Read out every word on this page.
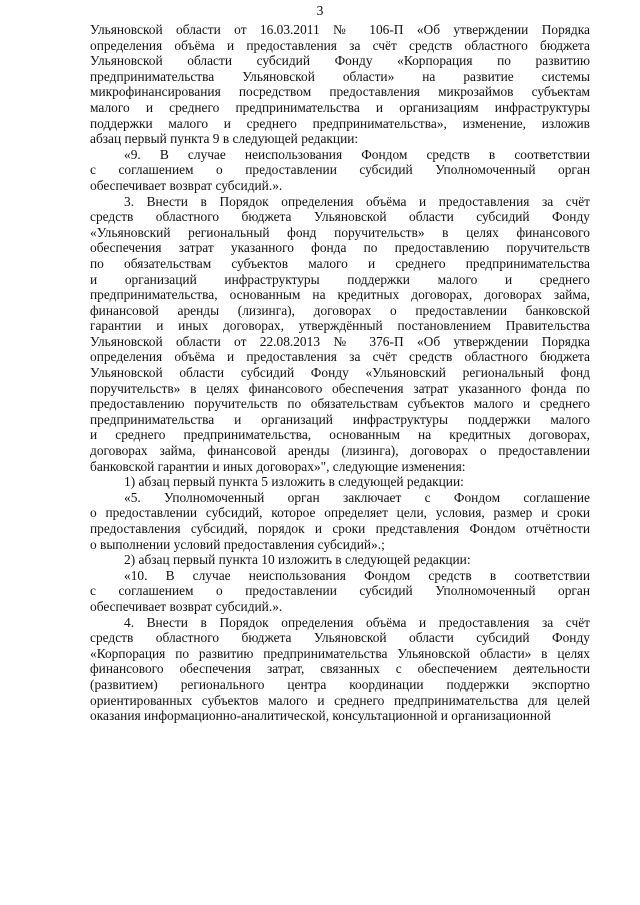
3
Ульяновской области от 16.03.2011 № 106-П «Об утверждении Порядка
определения объёма и предоставления за счёт средств областного бюджета
Ульяновской области субсидий Фонду «Корпорация по развитию
предпринимательства Ульяновской области» на развитие системы
микрофинансирования посредством предоставления микрозаймов субъектам
малого и среднего предпринимательства и организациям инфраструктуры
поддержки малого и среднего предпринимательства», изменение, изложив
абзац первый пункта 9 в следующей редакции:
«9. В случае неиспользования Фондом средств в соответствии
с соглашением о предоставлении субсидий Уполномоченный орган
обеспечивает возврат субсидий.».
3. Внести в Порядок определения объёма и предоставления за счёт
средств областного бюджета Ульяновской области субсидий Фонду
«Ульяновский региональный фонд поручительств» в целях финансового
обеспечения затрат указанного фонда по предоставлению поручительств
по обязательствам субъектов малого и среднего предпринимательства
и организаций инфраструктуры поддержки малого и среднего
предпринимательства, основанным на кредитных договорах, договорах займа,
финансовой аренды (лизинга), договорах о предоставлении банковской
гарантии и иных договорах, утверждённый постановлением Правительства
Ульяновской области от 22.08.2013 № 376-П «Об утверждении Порядка
определения объёма и предоставления за счёт средств областного бюджета
Ульяновской области субсидий Фонду «Ульяновский региональный фонд
поручительств» в целях финансового обеспечения затрат указанного фонда по
предоставлению поручительств по обязательствам субъектов малого и среднего
предпринимательства и организаций инфраструктуры поддержки малого
и среднего предпринимательства, основанным на кредитных договорах,
договорах займа, финансовой аренды (лизинга), договорах о предоставлении
банковской гарантии и иных договорах»", следующие изменения:
1) абзац первый пункта 5 изложить в следующей редакции:
«5. Уполномоченный орган заключает с Фондом соглашение
о предоставлении субсидий, которое определяет цели, условия, размер и сроки
предоставления субсидий, порядок и сроки представления Фондом отчётности
о выполнении условий предоставления субсидий».;
2) абзац первый пункта 10 изложить в следующей редакции:
«10. В случае неиспользования Фондом средств в соответствии
с соглашением о предоставлении субсидий Уполномоченный орган
обеспечивает возврат субсидий.».
4. Внести в Порядок определения объёма и предоставления за счёт
средств областного бюджета Ульяновской области субсидий Фонду
«Корпорация по развитию предпринимательства Ульяновской области» в целях
финансового обеспечения затрат, связанных с обеспечением деятельности
(развитием) регионального центра координации поддержки экспортно
ориентированных субъектов малого и среднего предпринимательства для целей
оказания информационно-аналитической, консультационной и организационной
